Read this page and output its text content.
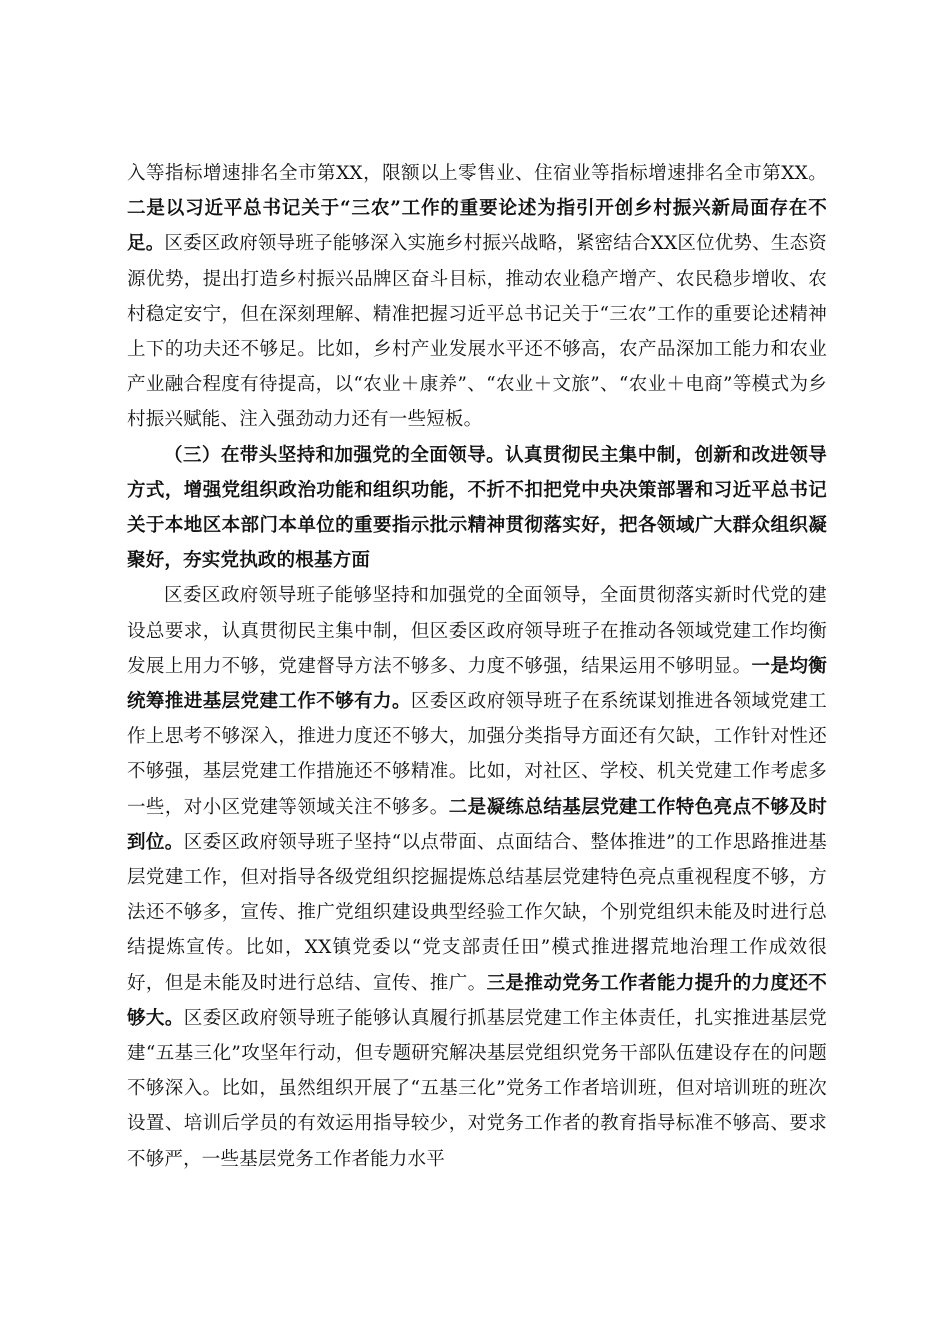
入等指标增速排名全市第XX，限额以上零售业、住宿业等指标增速排名全市第XX。二是以习近平总书记关于“三农”工作的重要论述为指引开创乡村振兴新局面存在不足。区委区政府领导班子能够深入实施乡村振兴战略，紧密结合XX区位优势、生态资源优势，提出打造乡村振兴品牌区奋斗目标，推动农业稳产增产、农民稳步增收、农村稳定安宁，但在深刻理解、精准把握习近平总书记关于“三农”工作的重要论述精神上下的功夫还不够足。比如，乡村产业发展水平还不够高，农产品深加工能力和农业产业融合程度有待提高，以“农业＋康养”、“农业＋文旅”、“农业＋电商”等模式为乡村振兴赋能、注入强劲动力还有一些短板。

（三）在带头坚持和加强党的全面领导。认真贯彻民主集中制，创新和改进领导方式，增强党组织政治功能和组织功能，不折不扣把党中央决策部署和习近平总书记关于本地区本部门本单位的重要指示批示精神贯彻落实好，把各领域广大群众组织凝聚好，夯实党执政的根基方面

区委区政府领导班子能够坚持和加强党的全面领导，全面贯彻落实新时代党的建设总要求，认真贯彻民主集中制，但区委区政府领导班子在推动各领域党建工作均衡发展上用力不够，党建督导方法不够多、力度不够强，结果运用不够明显。一是均衡统筹推进基层党建工作不够有力。区委区政府领导班子在系统谋划推进各领域党建工作上思考不够深入，推进力度还不够大，加强分类指导方面还有欠缺，工作针对性还不够强，基层党建工作措施还不够精准。比如，对社区、学校、机关党建工作考虑多一些，对小区党建等领域关注不够多。二是凝练总结基层党建工作特色亮点不够及时到位。区委区政府领导班子坚持“以点带面、点面结合、整体推进”的工作思路推进基层党建工作，但对指导各级党组织挖掘提炼总结基层党建特色亮点重视程度不够，方法还不够多，宣传、推广党组织建设典型经验工作欠缺，个别党组织未能及时进行总结提炼宣传。比如，XX镇党委以“党支部责任田”模式推进撂荒地治理工作成效很好，但是未能及时进行总结、宣传、推广。三是推动党务工作者能力提升的力度还不够大。区委区政府领导班子能够认真履行抓基层党建工作主体责任，扎实推进基层党建“五基三化”攻坚年行动，但专题研究解决基层党组织党务干部队伍建设存在的问题不够深入。比如，虽然组织开展了“五基三化”党务工作者培训班，但对培训班的班次设置、培训后学员的有效运用指导较少，对党务工作者的教育指导标准不够高、要求不够严，一些基层党务工作者能力水平
